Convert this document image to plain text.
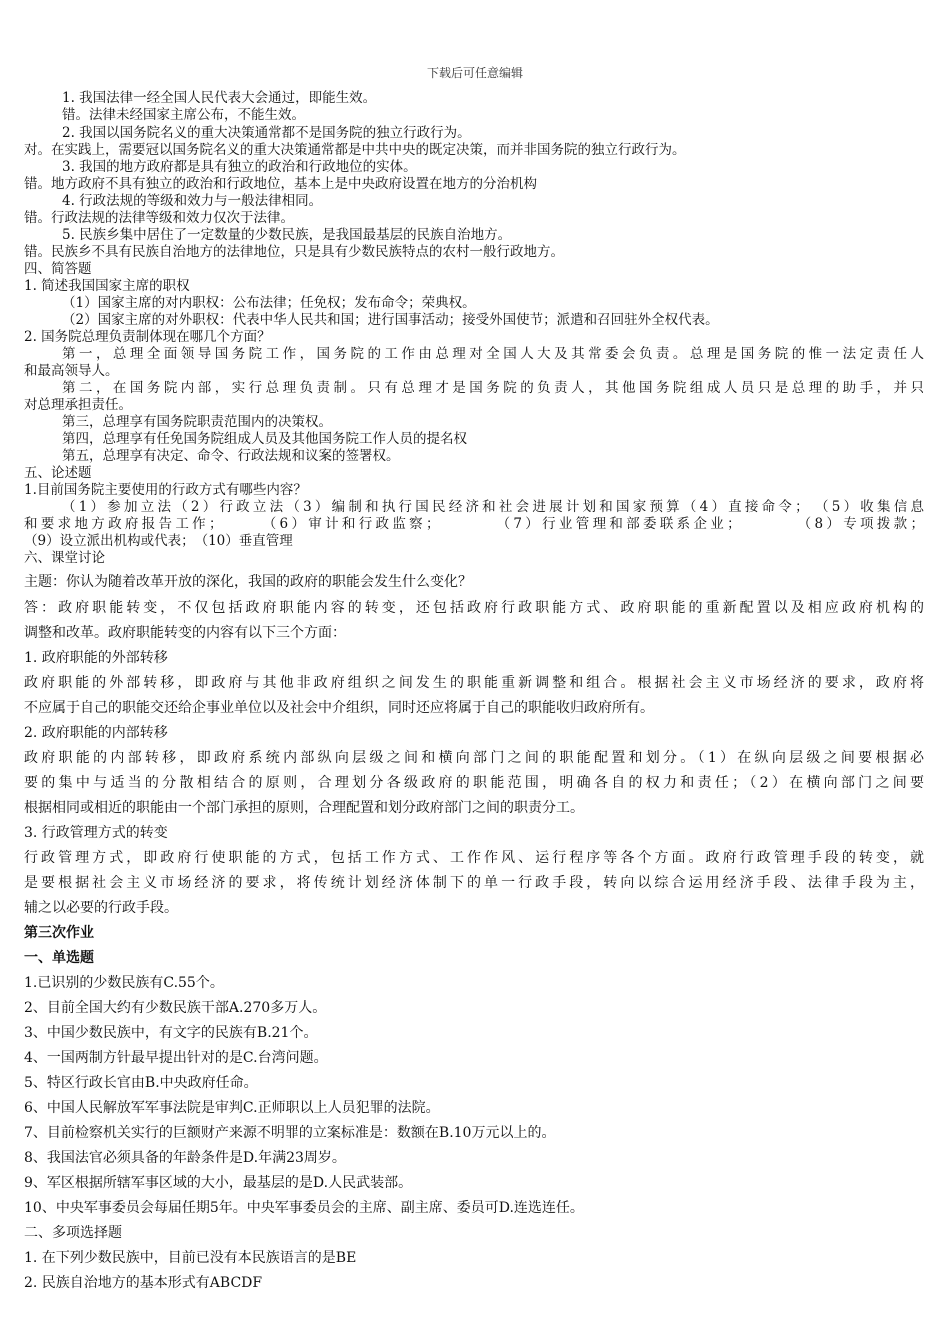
下载后可任意编辑
1. 我国法律一经全国人民代表大会通过，即能生效。
错。法律未经国家主席公布，不能生效。
2. 我国以国务院名义的重大决策通常都不是国务院的独立行政行为。
对。在实践上，需要冠以国务院名义的重大决策通常都是中共中央的既定决策，而并非国务院的独立行政行为。
3. 我国的地方政府都是具有独立的政治和行政地位的实体。
错。地方政府不具有独立的政治和行政地位，基本上是中央政府设置在地方的分治机构
4. 行政法规的等级和效力与一般法律相同。
错。行政法规的法律等级和效力仅次于法律。
5. 民族乡集中居住了一定数量的少数民族，是我国最基层的民族自治地方。
错。民族乡不具有民族自治地方的法律地位，只是具有少数民族特点的农村一般行政地方。
四、简答题
1. 简述我国国家主席的职权
（1）国家主席的对内职权：公布法律；任免权；发布命令；荣典权。
（2）国家主席的对外职权：代表中华人民共和国；进行国事活动；接受外国使节；派遣和召回驻外全权代表。
2. 国务院总理负责制体现在哪几个方面？
第一，总理全面领导国务院工作，国务院的工作由总理对全国人大及其常委会负责。总理是国务院的惟一法定责任人
和最高领导人。
第二，在国务院内部，实行总理负责制。只有总理才是国务院的负责人，其他国务院组成人员只是总理的助手，并只
对总理承担责任。
第三，总理享有国务院职责范围内的决策权。
第四，总理享有任免国务院组成人员及其他国务院工作人员的提名权
第五，总理享有决定、命令、行政法规和议案的签署权。
五、论述题
1.目前国务院主要使用的行政方式有哪些内容？
（1）参加立法（2）行政立法（3）编制和执行国民经济和社会进展计划和国家预算（4）直接命令；　（5）收集信息
和要求地方政府报告工作；　　　（6）审计和行政监察；　　　　（7）行业管理和部委联系企业；　　　　（8）专项拨款；
（9）设立派出机构或代表；　（10）垂直管理
六、课堂讨论
主题：你认为随着改革开放的深化，我国的政府的职能会发生什么变化？
答：政府职能转变，不仅包括政府职能内容的转变，还包括政府行政职能方式、政府职能的重新配置以及相应政府机构的
调整和改革。政府职能转变的内容有以下三个方面：
1. 政府职能的外部转移
政府职能的外部转移，即政府与其他非政府组织之间发生的职能重新调整和组合。根据社会主义市场经济的要求，政府将
不应属于自己的职能交还给企事业单位以及社会中介组织，同时还应将属于自己的职能收归政府所有。
2. 政府职能的内部转移
政府职能的内部转移，即政府系统内部纵向层级之间和横向部门之间的职能配置和划分。（1）在纵向层级之间要根据必
要的集中与适当的分散相结合的原则，合理划分各级政府的职能范围，明确各自的权力和责任；（2）在横向部门之间要
根据相同或相近的职能由一个部门承担的原则，合理配置和划分政府部门之间的职责分工。
3. 行政管理方式的转变
行政管理方式，即政府行使职能的方式，包括工作方式、工作作风、运行程序等各个方面。政府行政管理手段的转变，就
是要根据社会主义市场经济的要求，将传统计划经济体制下的单一行政手段，转向以综合运用经济手段、法律手段为主，
辅之以必要的行政手段。
第三次作业
一、单选题
1.已识别的少数民族有C.55个。
2、目前全国大约有少数民族干部A.270多万人。
3、中国少数民族中，有文字的民族有B.21个。
4、一国两制方针最早提出针对的是C.台湾问题。
5、特区行政长官由B.中央政府任命。
6、中国人民解放军军事法院是审判C.正师职以上人员犯罪的法院。
7、目前检察机关实行的巨额财产来源不明罪的立案标准是：数额在B.10万元以上的。
8、我国法官必须具备的年龄条件是D.年满23周岁。
9、军区根据所辖军事区域的大小，最基层的是D.人民武装部。
10、中央军事委员会每届任期5年。中央军事委员会的主席、副主席、委员可D.连选连任。
二、多项选择题
1. 在下列少数民族中，目前已没有本民族语言的是BE
2. 民族自治地方的基本形式有ABCDF
